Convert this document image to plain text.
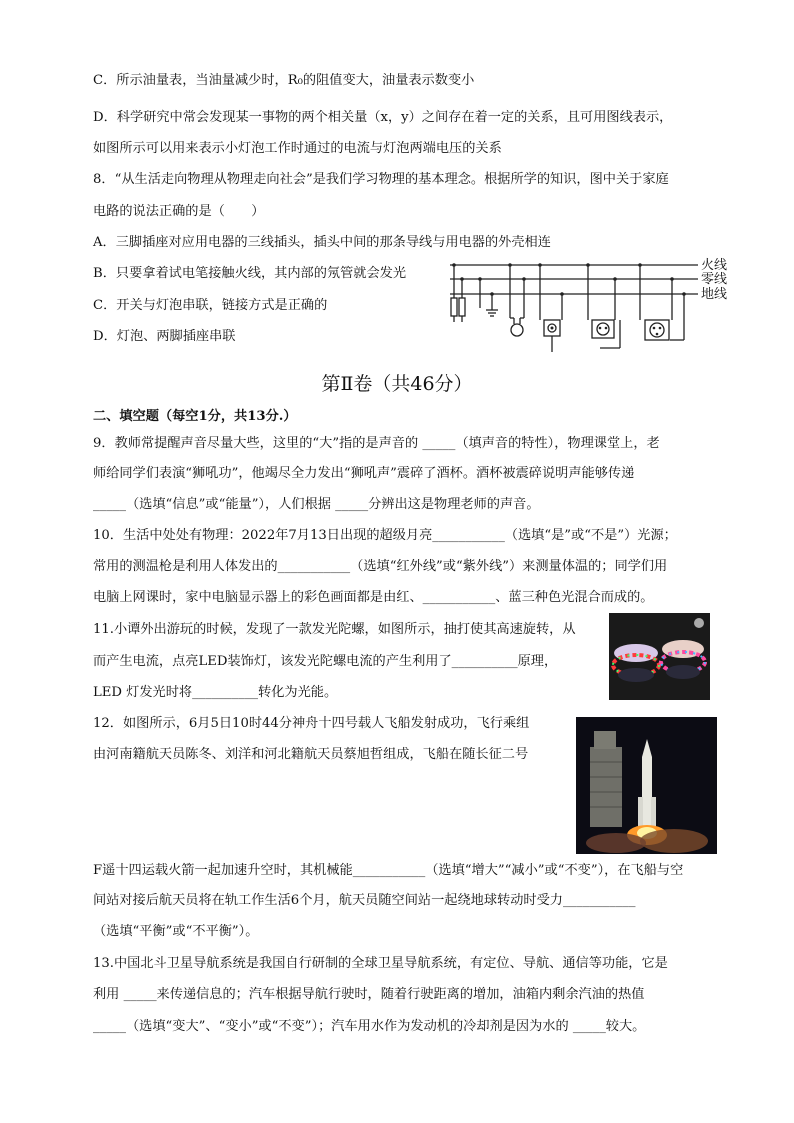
C．所示油量表，当油量减少时，R₀的阻值变大，油量表示数变小
D．科学研究中常会发现某一事物的两个相关量（x，y）之间存在着一定的关系，且可用图线表示，
如图所示可以用来表示小灯泡工作时通过的电流与灯泡两端电压的关系
8．“从生活走向物理从物理走向社会”是我们学习物理的基本理念。根据所学的知识，图中关于家庭
电路的说法正确的是（　　）
A．三脚插座对应用电器的三线插头，插头中间的那条导线与用电器的外壳相连
B．只要拿着试电笔接触火线，其内部的氖管就会发光
C．开关与灯泡串联，链接方式是正确的
D．灯泡、两脚插座串联
火线
零线
地线
第Ⅱ卷（共46分）
二、填空题（每空1分，共13分.）
9．教师常提醒声音尽量大些，这里的“大”指的是声音的 _____（填声音的特性），物理课堂上，老
师给同学们表演“狮吼功”，他竭尽全力发出“狮吼声”震碎了酒杯。酒杯被震碎说明声能够传递
_____（选填“信息”或“能量”），人们根据 _____分辨出这是物理老师的声音。
10．生活中处处有物理：2022年7月13日出现的超级月亮___________（选填“是”或“不是”）光源；
常用的测温枪是利用人体发出的___________（选填“红外线”或“紫外线”）来测量体温的；同学们用
电脑上网课时，家中电脑显示器上的彩色画面都是由红、___________、蓝三种色光混合而成的。
11.小谭外出游玩的时候，发现了一款发光陀螺，如图所示，抽打使其高速旋转，从
而产生电流，点亮LED装饰灯，该发光陀螺电流的产生利用了__________原理，
LED 灯发光时将__________转化为光能。
12．如图所示，6月5日10时44分神舟十四号载人飞船发射成功，飞行乘组
由河南籍航天员陈冬、刘洋和河北籍航天员蔡旭哲组成，飞船在随长征二号
F遥十四运载火箭一起加速升空时，其机械能___________（选填“增大”“减小”或“不变”），在飞船与空
间站对接后航天员将在轨工作生活6个月，航天员随空间站一起绕地球转动时受力___________
（选填“平衡”或“不平衡”）。
13.中国北斗卫星导航系统是我国自行研制的全球卫星导航系统，有定位、导航、通信等功能，它是
利用 _____来传递信息的；汽车根据导航行驶时，随着行驶距离的增加，油箱内剩余汽油的热值
_____（选填“变大”、“变小”或“不变”）；汽车用水作为发动机的冷却剂是因为水的 _____较大。
